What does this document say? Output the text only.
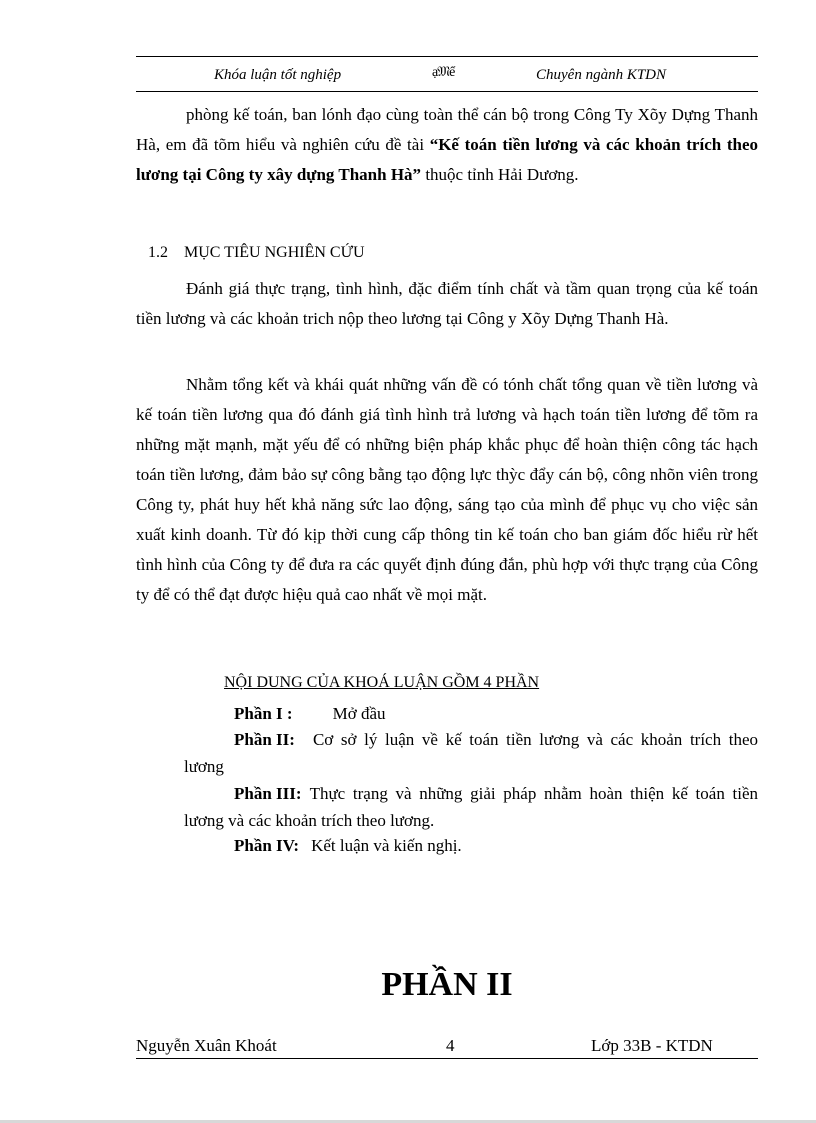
Khóa luận tốt nghiệp	ạ𝔐ể	Chuyên ngành KTDN

phòng kế toán, ban lónh đạo cùng toàn thể cán bộ trong Công Ty Xõy Dựng Thanh Hà, em đã tõm hiểu và nghiên cứu đề tài “Kế toán tiền lương và các khoản trích theo lương tại Công ty xây dựng Thanh Hà” thuộc tỉnh Hải Dương.

1.2 MỤC TIÊU NGHIÊN CỨU

Đánh giá thực trạng, tình hình, đặc điểm tính chất và tầm quan trọng của kế toán tiền lương và các khoản trich nộp theo lương tại Công y Xõy Dựng Thanh Hà.

Nhằm tổng kết và khái quát những vấn đề có tónh chất tổng quan về tiền lương và kế toán tiền lương qua đó đánh giá tình hình trả lương và hạch toán tiền lương để tõm ra những mặt mạnh, mặt yếu để có những biện pháp khắc phục để hoàn thiện công tác hạch toán tiền lương, đảm bảo sự công bằng tạo động lực thỳc đẩy cán bộ, công nhõn viên trong Công ty, phát huy hết khả năng sức lao động, sáng tạo của mình để phục vụ cho việc sản xuất kinh doanh. Từ đó kịp thời cung cấp thông tin kế toán cho ban giám đốc hiểu rừ hết tình hình của Công ty để đưa ra các quyết định đúng đắn, phù hợp với thực trạng của Công ty để có thể đạt được hiệu quả cao nhất về mọi mặt.

NỘI DUNG CỦA KHOÁ LUẬN GỒM 4 PHẦN

Phần I : Mở đầu

Phần II: Cơ sở lý luận về kế toán tiền lương và các khoản trích theo lương

Phần III: Thực trạng và những giải pháp nhằm hoàn thiện kế toán tiền lương và các khoản trích theo lương.

Phần IV: Kết luận và kiến nghị.

PHẦN II

Nguyễn Xuân Khoát	4	Lớp 33B - KTDN
